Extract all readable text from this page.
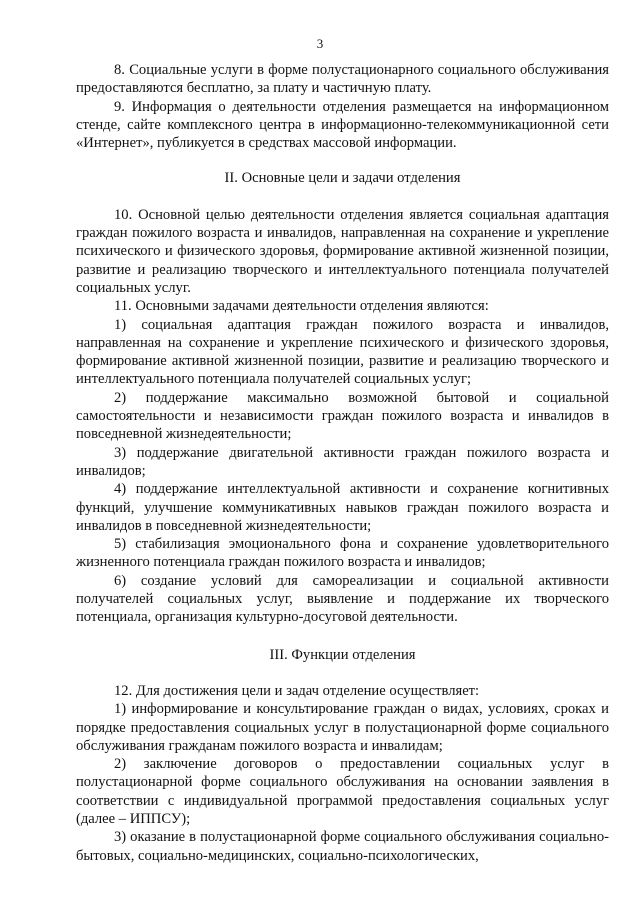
3

8. Социальные услуги в форме полустационарного социального обслуживания предоставляются бесплатно, за плату и частичную плату.

9. Информация о деятельности отделения размещается на информационном стенде, сайте комплексного центра в информационно-телекоммуникационной сети «Интернет», публикуется в средствах массовой информации.

II. Основные цели и задачи отделения

10. Основной целью деятельности отделения является социальная адаптация граждан пожилого возраста и инвалидов, направленная на сохранение и укрепление психического и физического здоровья, формирование активной жизненной позиции, развитие и реализацию творческого и интеллектуального потенциала получателей социальных услуг.

11. Основными задачами деятельности отделения являются:

1) социальная адаптация граждан пожилого возраста и инвалидов, направленная на сохранение и укрепление психического и физического здоровья, формирование активной жизненной позиции, развитие и реализацию творческого и интеллектуального потенциала получателей социальных услуг;

2) поддержание максимально возможной бытовой и социальной самостоятельности и независимости граждан пожилого возраста и инвалидов в повседневной жизнедеятельности;

3) поддержание двигательной активности граждан пожилого возраста и инвалидов;

4) поддержание интеллектуальной активности и сохранение когнитивных функций, улучшение коммуникативных навыков граждан пожилого возраста и инвалидов в повседневной жизнедеятельности;

5) стабилизация эмоционального фона и сохранение удовлетворительного жизненного потенциала граждан пожилого возраста и инвалидов;

6) создание условий для самореализации и социальной активности получателей социальных услуг, выявление и поддержание их творческого потенциала, организация культурно-досуговой деятельности.

III. Функции отделения

12. Для достижения цели и задач отделение осуществляет:

1) информирование и консультирование граждан о видах, условиях, сроках и порядке предоставления социальных услуг в полустационарной форме социального обслуживания гражданам пожилого возраста и инвалидам;

2) заключение договоров о предоставлении социальных услуг в полустационарной форме социального обслуживания на основании заявления в соответствии с индивидуальной программой предоставления социальных услуг (далее – ИППСУ);

3) оказание в полустационарной форме социального обслуживания социально-бытовых, социально-медицинских, социально-психологических,
